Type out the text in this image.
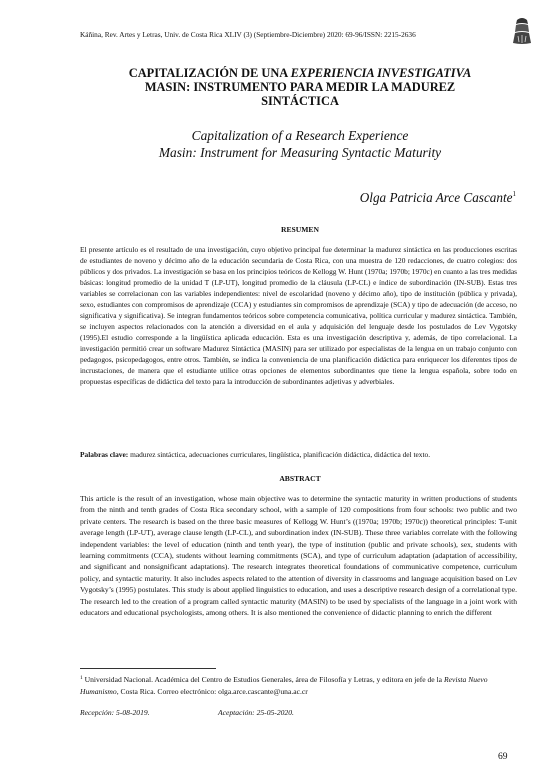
Káñina, Rev. Artes y Letras, Univ. de Costa Rica XLIV (3) (Septiembre-Diciembre) 2020: 69-96/ISSN: 2215-2636
CAPITALIZACIÓN DE UNA EXPERIENCIA INVESTIGATIVA
MASIN: INSTRUMENTO PARA MEDIR LA MADUREZ
SINTÁCTICA
Capitalization of a Research Experience
Masin: Instrument for Measuring Syntactic Maturity
Olga Patricia Arce Cascante$^1$
RESUMEN
El presente artículo es el resultado de una investigación, cuyo objetivo principal fue determinar la madurez sintáctica en las producciones escritas de estudiantes de noveno y décimo año de la educación secundaria de Costa Rica, con una muestra de 120 redacciones, de cuatro colegios: dos públicos y dos privados. La investigación se basa en los principios teóricos de Kellogg W. Hunt (1970a; 1970b; 1970c) en cuanto a las tres medidas básicas: longitud promedio de la unidad T (LP-UT), longitud promedio de la cláusula (LP-CL) e índice de subordinación (IN-SUB). Estas tres variables se correlacionan con las variables independientes: nivel de escolaridad (noveno y décimo año), tipo de institución (pública y privada), sexo, estudiantes con compromisos de aprendizaje (CCA) y estudiantes sin compromisos de aprendizaje (SCA) y tipo de adecuación (de acceso, no significativa y significativa). Se integran fundamentos teóricos sobre competencia comunicativa, política curricular y madurez sintáctica. También, se incluyen aspectos relacionados con la atención a diversidad en el aula y adquisición del lenguaje desde los postulados de Lev Vygotsky (1995).El estudio corresponde a la lingüística aplicada educación. Esta es una investigación descriptiva y, además, de tipo correlacional. La investigación permitió crear un software Madurez Sintáctica (MASIN) para ser utilizado por especialistas de la lengua en un trabajo conjunto con pedagogos, psicopedagogos, entre otros. También, se indica la conveniencia de una planificación didáctica para enriquecer los diferentes tipos de incrustaciones, de manera que el estudiante utilice otras opciones de elementos subordinantes que tiene la lengua española, sobre todo en propuestas específicas de didáctica del texto para la introducción de subordinantes adjetivas y adverbiales.
Palabras clave: madurez sintáctica, adecuaciones curriculares, lingüística, planificación didáctica, didáctica del texto.
ABSTRACT
This article is the result of an investigation, whose main objective was to determine the syntactic maturity in written productions of students from the ninth and tenth grades of Costa Rica secondary school, with a sample of 120 compositions from four schools: two public and two private centers. The research is based on the three basic measures of Kellogg W. Hunt’s ((1970a; 1970b; 1970c)) theoretical principles: T-unit average length (LP-UT), average clause length (LP-CL), and subordination index (IN-SUB). These three variables correlate with the following independent variables: the level of education (ninth and tenth year), the type of institution (public and private schools), sex, students with learning commitments (CCA), students without learning commitments (SCA), and type of curriculum adaptation (adaptation of accessibility, and significant and nonsignificant adaptations). The research integrates theoretical foundations of communicative competence, curriculum policy, and syntactic maturity. It also includes aspects related to the attention of diversity in classrooms and language acquisition based on Lev Vygotsky’s (1995) postulates. This study is about applied linguistics to education, and uses a descriptive research design of a correlational type. The research led to the creation of a program called syntactic maturity (MASIN) to be used by specialists of the language in a joint work with educators and educational psychologists, among others. It is also mentioned the convenience of didactic planning to enrich the different
$^1$ Universidad Nacional. Académica del Centro de Estudios Generales, área de Filosofía y Letras, y editora en jefe de la Revista Nuevo Humanismo, Costa Rica. Correo electrónico: olga.arce.cascante@una.ac.cr
Recepción: 5-08-2019.	Aceptación: 25-05-2020.
69
